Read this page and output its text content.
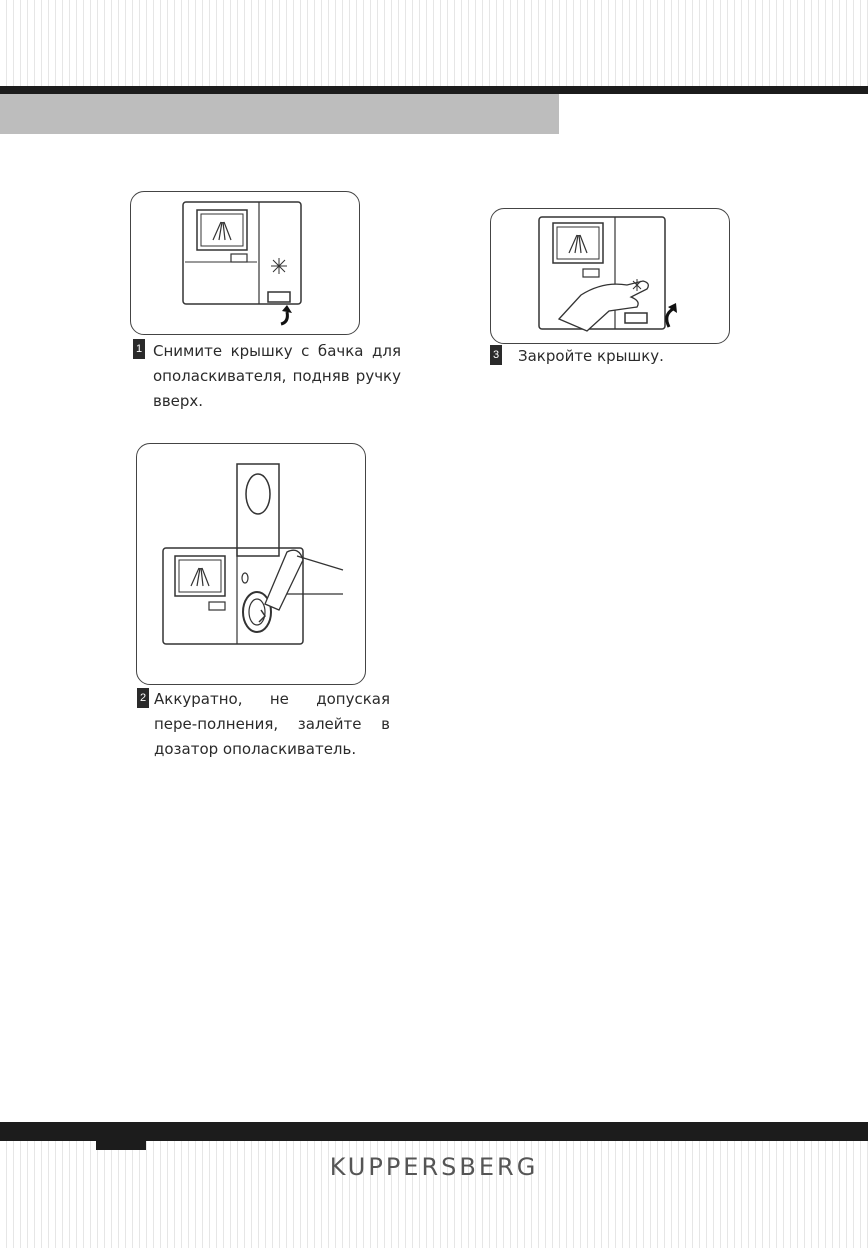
1 Снимите крышку с бачка для ополаскивателя, подняв ручку вверх.
3 Закройте крышку.
2 Аккуратно, не допуская пере-полнения, залейте в дозатор ополаскиватель.
KUPPERSBERG
